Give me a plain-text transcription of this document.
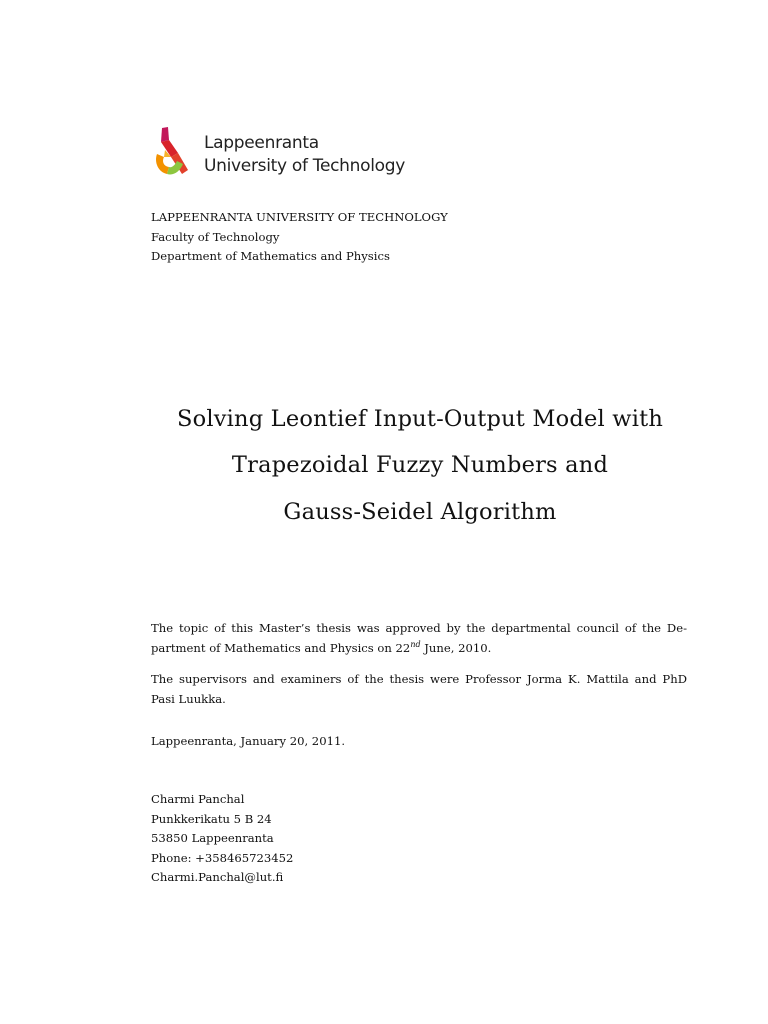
Lappeenranta
University of Technology
LAPPEENRANTA UNIVERSITY OF TECHNOLOGY
Faculty of Technology
Department of Mathematics and Physics
Solving Leontief Input-Output Model with
Trapezoidal Fuzzy Numbers and
Gauss-Seidel Algorithm
The topic of this Master’s thesis was approved by the departmental council of the De-
partment of Mathematics and Physics on 22nd June, 2010.
The supervisors and examiners of the thesis were Professor Jorma K. Mattila and PhD
Pasi Luukka.
Lappeenranta, January 20, 2011.
Charmi Panchal
Punkkerikatu 5 B 24
53850 Lappeenranta
Phone: +358465723452
Charmi.Panchal@lut.fi
